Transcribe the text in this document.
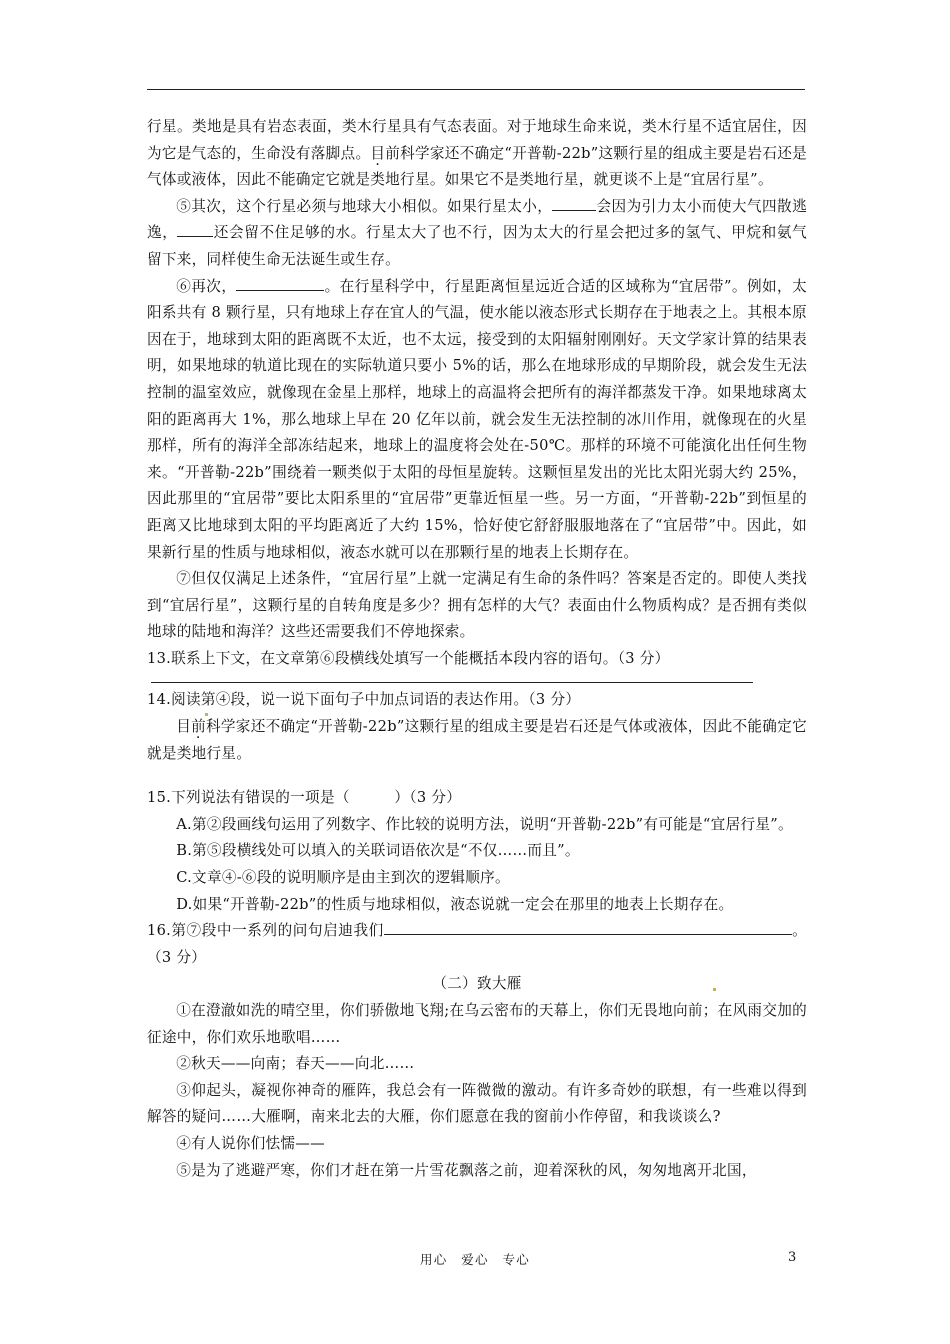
行星。类地是具有岩态表面，类木行星具有气态表面。对于地球生命来说，类木行星不适宜居住，因为它是气态的，生命没有落脚点。目前科学家还不确定“开普勒-22b”这颗行星的组成主要是岩石还是气体或液体，因此不能确定它就是类地行星。如果它不是类地行星，就更谈不上是“宜居行星”。

⑤其次，这个行星必须与地球大小相似。如果行星太小，	会因为引力太小而使大气四散逃逸， 还会留不住足够的水。行星太大了也不行，因为太大的行星会把过多的氢气、甲烷和氨气留下来，同样使生命无法诞生或生存。

⑥再次，	。在行星科学中，行星距离恒星远近合适的区域称为“宜居带”。例如，太阳系共有 8 颗行星，只有地球上存在宜人的气温，使水能以液态形式长期存在于地表之上。其根本原因在于，地球到太阳的距离既不太近，也不太远，接受到的太阳辐射刚刚好。天文学家计算的结果表明，如果地球的轨道比现在的实际轨道只要小 5%的话，那么在地球形成的早期阶段，就会发生无法控制的温室效应，就像现在金星上那样，地球上的高温将会把所有的海洋都蒸发干净。如果地球离太阳的距离再大 1%，那么地球上早在 20 亿年以前，就会发生无法控制的冰川作用，就像现在的火星那样，所有的海洋全部冻结起来，地球上的温度将会处在-50℃。那样的环境不可能演化出任何生物来。“开普勒-22b”围绕着一颗类似于太阳的母恒星旋转。这颗恒星发出的光比太阳光弱大约 25%，因此那里的“宜居带”要比太阳系里的“宜居带”更靠近恒星一些。另一方面，“开普勒-22b”到恒星的距离又比地球到太阳的平均距离近了大约 15%，恰好使它舒舒服服地落在了“宜居带”中。因此，如果新行星的性质与地球相似，液态水就可以在那颗行星的地表上长期存在。

⑦但仅仅满足上述条件，“宜居行星”上就一定满足有生命的条件吗？答案是否定的。即使人类找到“宜居行星”，这颗行星的自转角度是多少？拥有怎样的大气？表面由什么物质构成？是否拥有类似地球的陆地和海洋？这些还需要我们不停地探索。

13.联系上下文，在文章第⑥段横线处填写一个能概括本段内容的语句。（3 分）

14.阅读第④段，说一说下面句子中加点词语的表达作用。（3 分）

目前科学家还不确定“开普勒-22b”这颗行星的组成主要是岩石还是气体或液体，因此不能确定它就是类地行星。

15.下列说法有错误的一项是（　　　）（3 分）

A.第②段画线句运用了列数字、作比较的说明方法，说明“开普勒-22b”有可能是“宜居行星”。

B.第⑤段横线处可以填入的关联词语依次是“不仅……而且”。

C.文章④-⑥段的说明顺序是由主到次的逻辑顺序。

D.如果“开普勒-22b”的性质与地球相似，液态说就一定会在那里的地表上长期存在。

16.第⑦段中一系列的问句启迪我们	。（3 分）

（二）致大雁

①在澄澈如洗的晴空里，你们骄傲地飞翔;在乌云密布的天幕上，你们无畏地向前；在风雨交加的征途中，你们欢乐地歌唱……

②秋天——向南；春天——向北……

③仰起头，凝视你神奇的雁阵，我总会有一阵微微的激动。有许多奇妙的联想，有一些难以得到解答的疑问……大雁啊，南来北去的大雁，你们愿意在我的窗前小作停留，和我谈谈么?

④有人说你们怯懦——

⑤是为了逃避严寒，你们才赶在第一片雪花飘落之前，迎着深秋的风，匆匆地离开北国，

用心　爱心　专心	3
